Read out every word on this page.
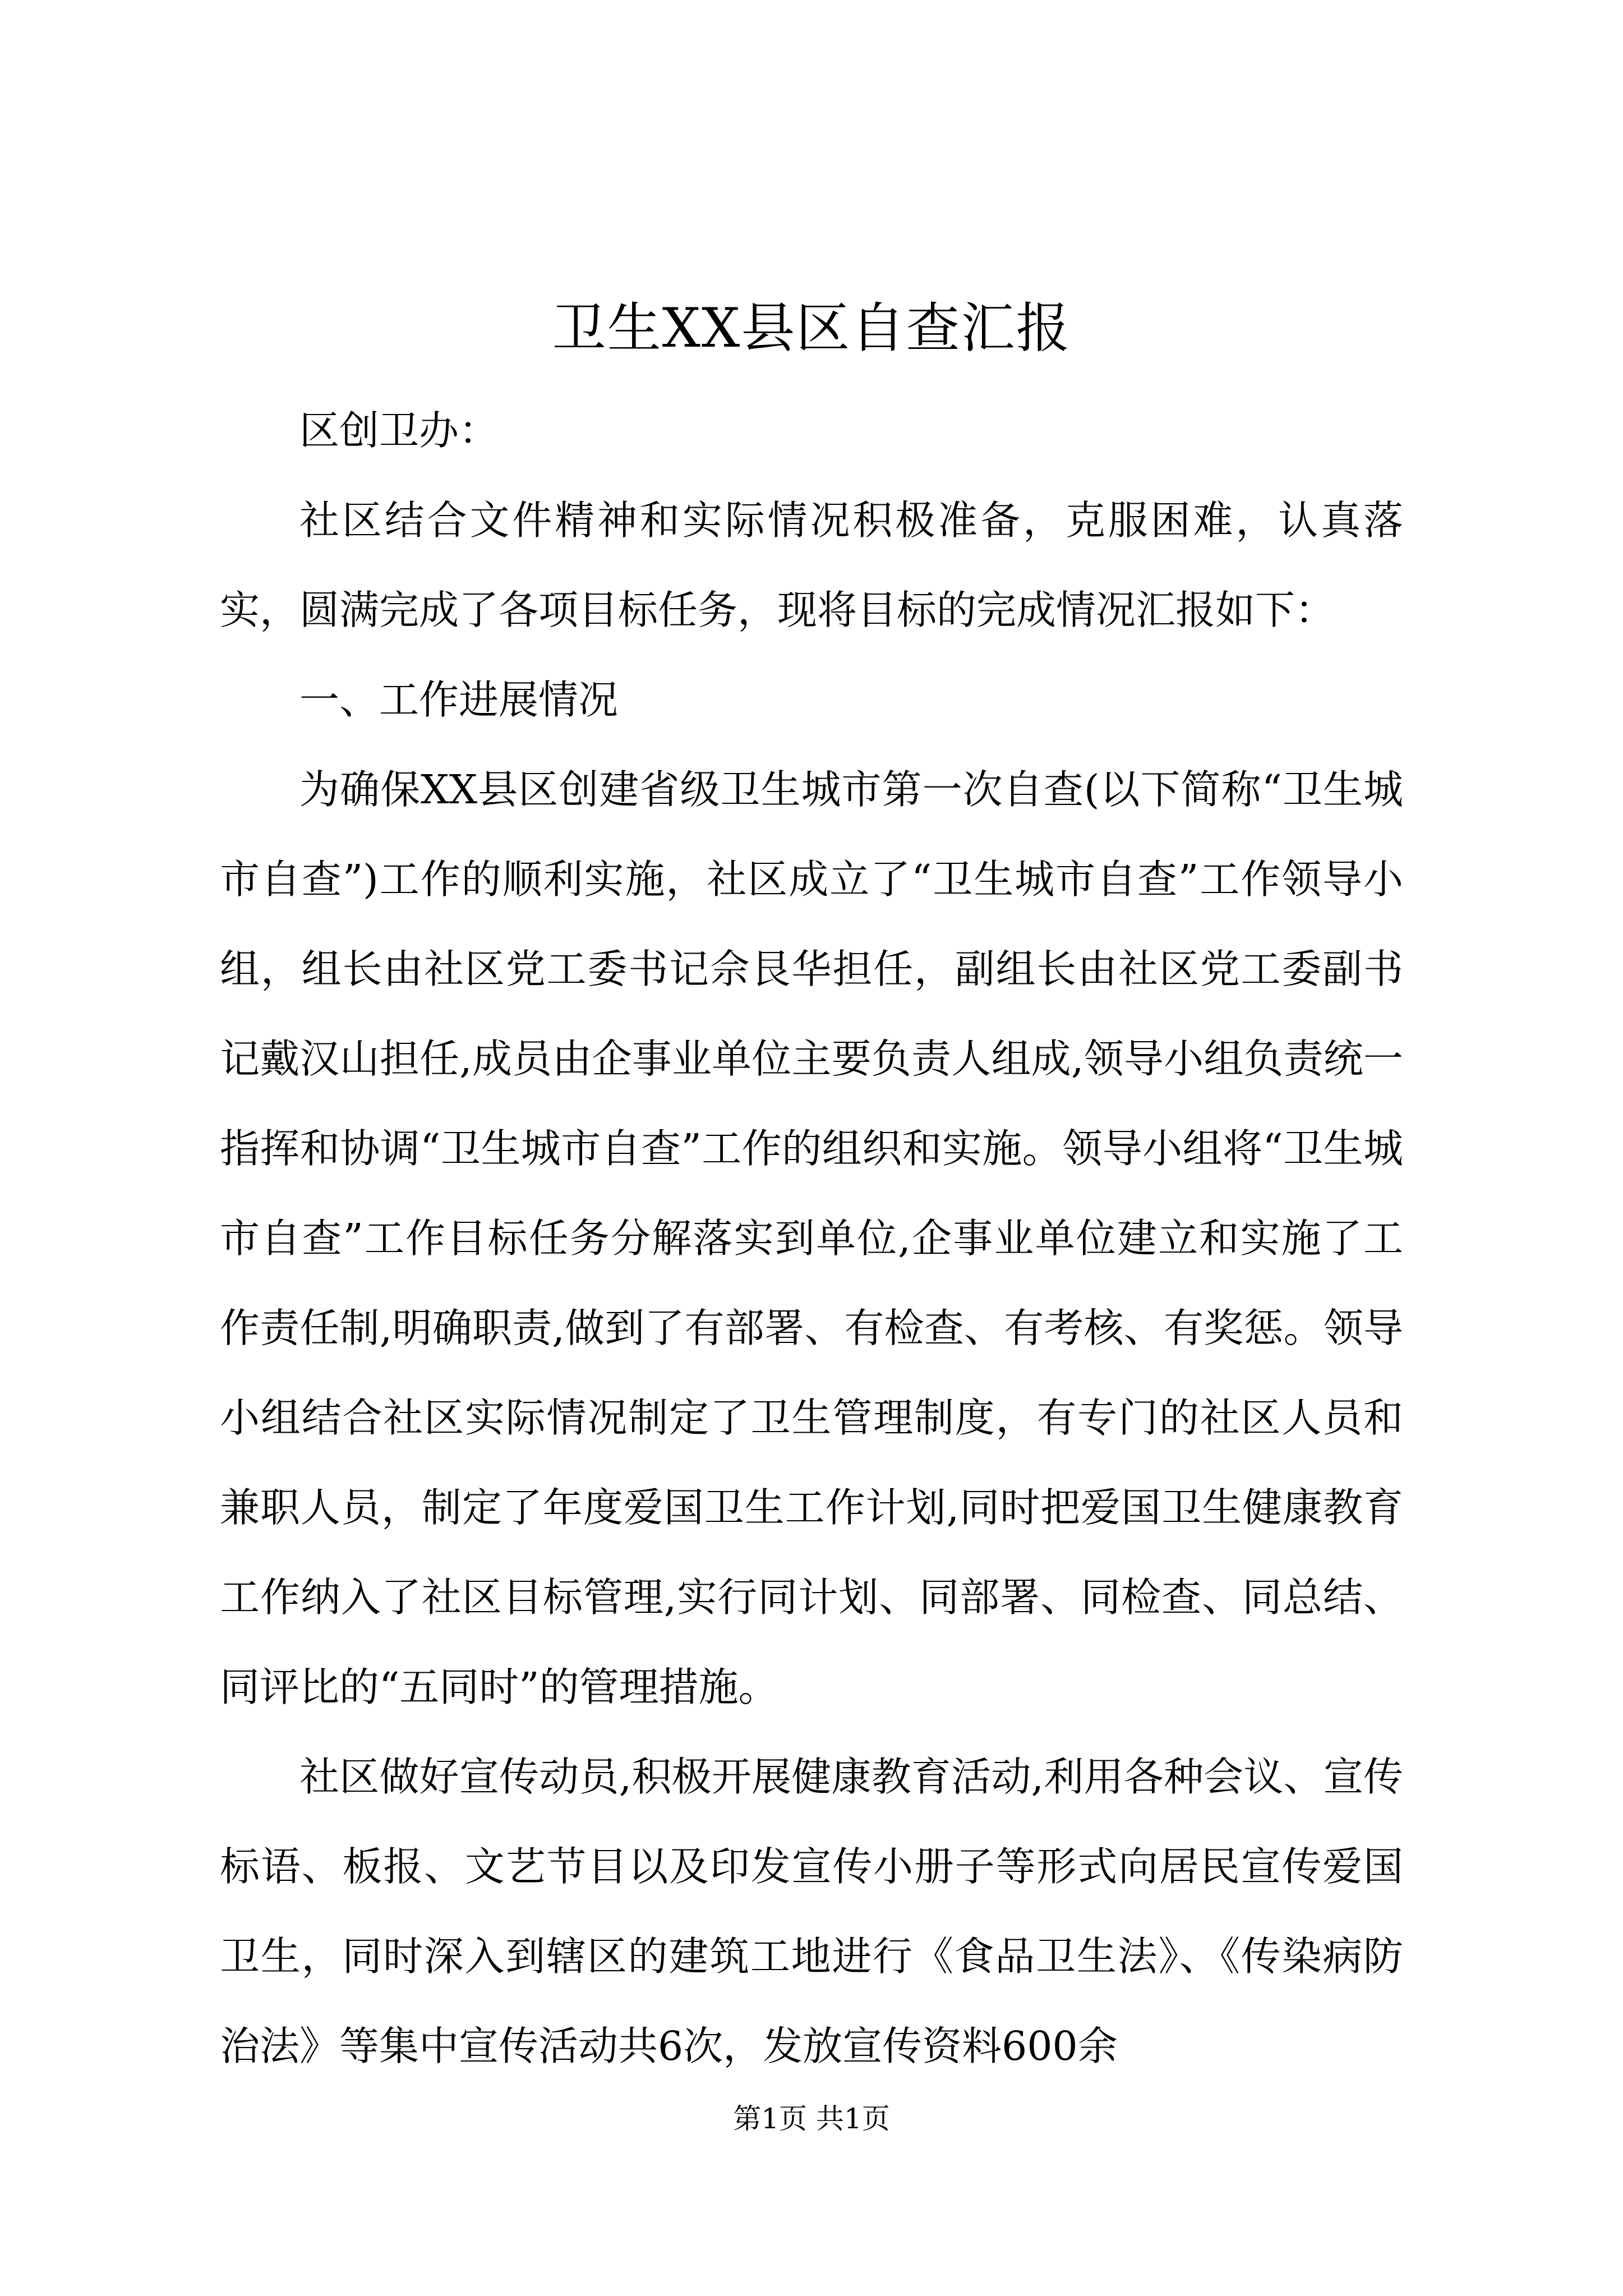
卫生XX县区自查汇报

区创卫办：

社区结合文件精神和实际情况积极准备，克服困难，认真落实，圆满完成了各项目标任务，现将目标的完成情况汇报如下：

一、工作进展情况

为确保XX县区创建省级卫生城市第一次自查(以下简称“卫生城市自查”)工作的顺利实施，社区成立了“卫生城市自查”工作领导小组，组长由社区党工委书记佘艮华担任，副组长由社区党工委副书记戴汉山担任,成员由企事业单位主要负责人组成,领导小组负责统一指挥和协调“卫生城市自查”工作的组织和实施。领导小组将“卫生城市自查”工作目标任务分解落实到单位,企事业单位建立和实施了工作责任制,明确职责,做到了有部署、有检查、有考核、有奖惩。领导小组结合社区实际情况制定了卫生管理制度，有专门的社区人员和兼职人员，制定了年度爱国卫生工作计划,同时把爱国卫生健康教育工作纳入了社区目标管理,实行同计划、同部署、同检查、同总结、同评比的“五同时”的管理措施。

社区做好宣传动员,积极开展健康教育活动,利用各种会议、宣传标语、板报、文艺节目以及印发宣传小册子等形式向居民宣传爱国卫生，同时深入到辖区的建筑工地进行《食品卫生法》、《传染病防治法》等集中宣传活动共6次，发放宣传资料600余

第1页 共1页
